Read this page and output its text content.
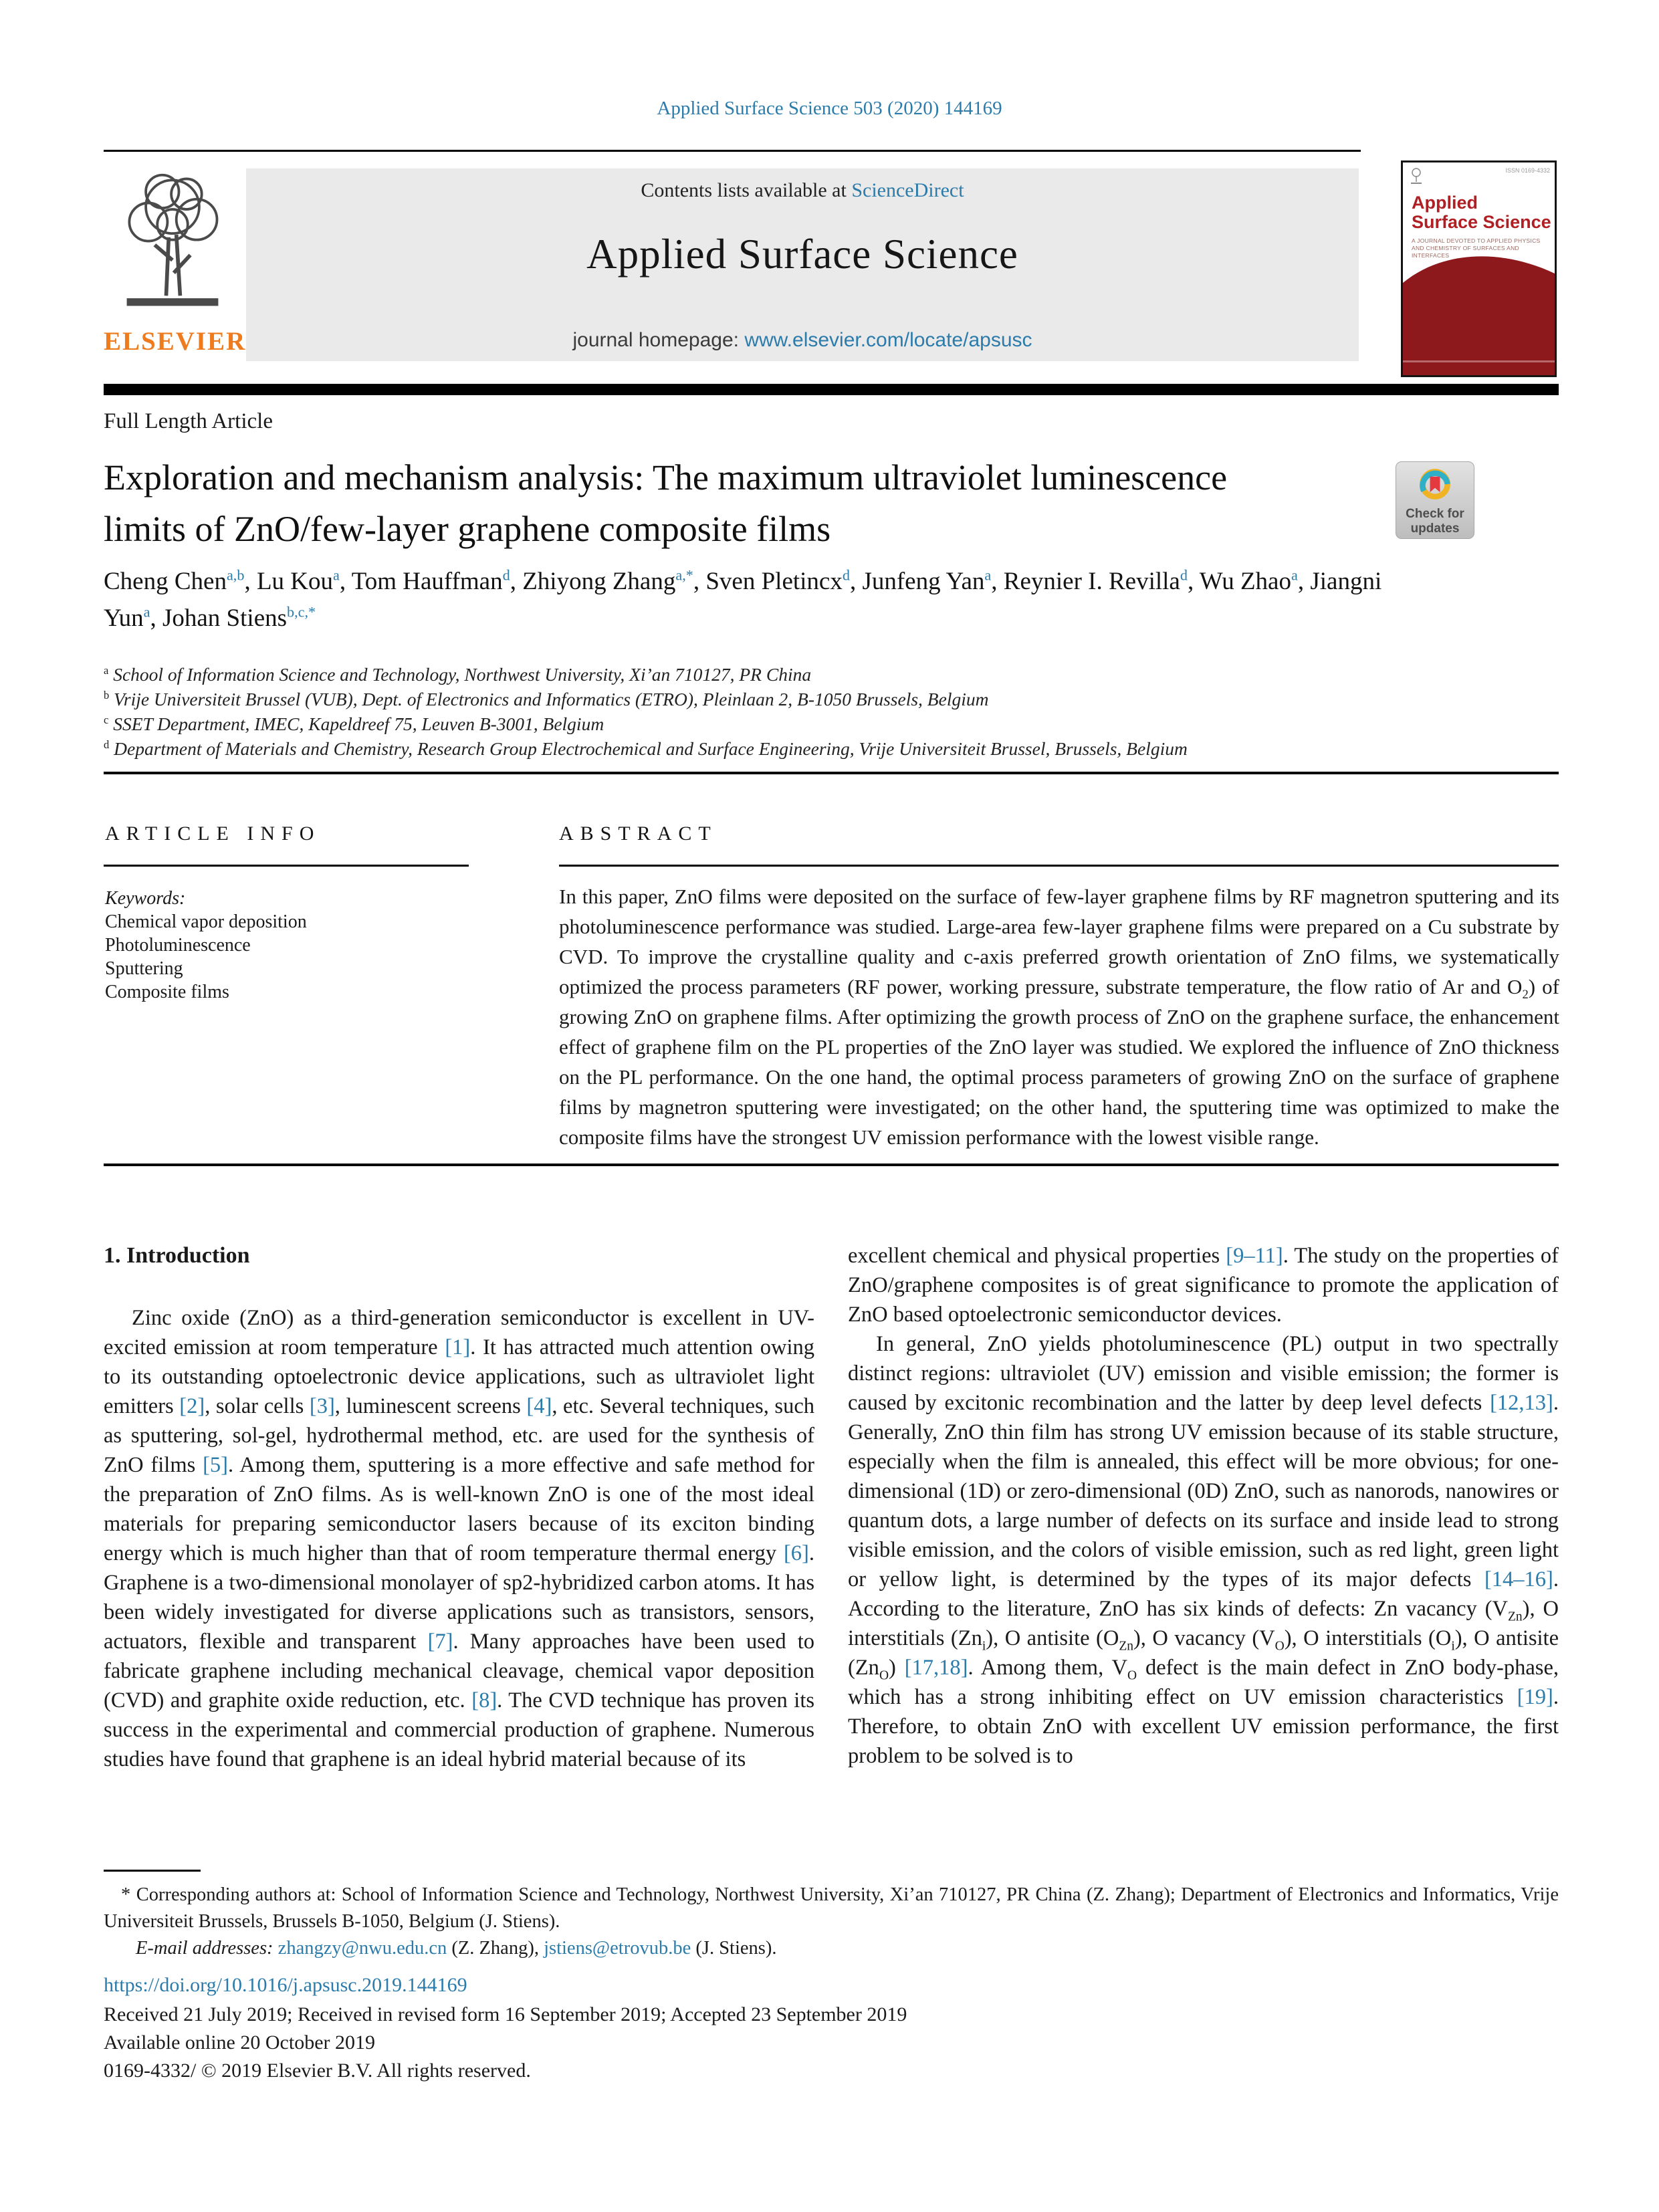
Applied Surface Science 503 (2020) 144169
Contents lists available at ScienceDirect
Applied Surface Science
journal homepage: www.elsevier.com/locate/apsusc
ELSEVIER
ISSN 0169-4332
Applied
Surface Science
A JOURNAL DEVOTED TO APPLIED PHYSICS
AND CHEMISTRY OF SURFACES AND INTERFACES
Full Length Article
Exploration and mechanism analysis: The maximum ultraviolet luminescence limits of ZnO/few-layer graphene composite films	Check for
updates
Cheng Chen$^{a,b}$, Lu Kou$^a$, Tom Hauffman$^d$, Zhiyong Zhang$^{a,*}$, Sven Pletincx$^d$, Junfeng Yan$^a$, Reynier I. Revilla$^d$, Wu Zhao$^a$, Jiangni Yun$^a$, Johan Stiens$^{b,c,*}$
$^a$ School of Information Science and Technology, Northwest University, Xi’an 710127, PR China
$^b$ Vrije Universiteit Brussel (VUB), Dept. of Electronics and Informatics (ETRO), Pleinlaan 2, B-1050 Brussels, Belgium
$^c$ SSET Department, IMEC, Kapeldreef 75, Leuven B-3001, Belgium
$^d$ Department of Materials and Chemistry, Research Group Electrochemical and Surface Engineering, Vrije Universiteit Brussel, Brussels, Belgium
ARTICLE INFO
Keywords:
Chemical vapor deposition
Photoluminescence
Sputtering
Composite films
ABSTRACT
In this paper, ZnO films were deposited on the surface of few-layer graphene films by RF magnetron sputtering and its photoluminescence performance was studied. Large-area few-layer graphene films were prepared on a Cu substrate by CVD. To improve the crystalline quality and c-axis preferred growth orientation of ZnO films, we systematically optimized the process parameters (RF power, working pressure, substrate temperature, the flow ratio of Ar and $O_2$) of growing ZnO on graphene films. After optimizing the growth process of ZnO on the graphene surface, the enhancement effect of graphene film on the PL properties of the ZnO layer was studied. We explored the influence of ZnO thickness on the PL performance. On the one hand, the optimal process parameters of growing ZnO on the surface of graphene films by magnetron sputtering were investigated; on the other hand, the sputtering time was optimized to make the composite films have the strongest UV emission performance with the lowest visible range.
1. Introduction

Zinc oxide (ZnO) as a third-generation semiconductor is excellent in UV-excited emission at room temperature [1]. It has attracted much attention owing to its outstanding optoelectronic device applications, such as ultraviolet light emitters [2], solar cells [3], luminescent screens [4], etc. Several techniques, such as sputtering, sol-gel, hydrothermal method, etc. are used for the synthesis of ZnO films [5]. Among them, sputtering is a more effective and safe method for the preparation of ZnO films. As is well-known ZnO is one of the most ideal materials for preparing semiconductor lasers because of its exciton binding energy which is much higher than that of room temperature thermal energy [6]. Graphene is a two-dimensional monolayer of sp2-hybridized carbon atoms. It has been widely investigated for diverse applications such as transistors, sensors, actuators, flexible and transparent [7]. Many approaches have been used to fabricate graphene including mechanical cleavage, chemical vapor deposition (CVD) and graphite oxide reduction, etc. [8]. The CVD technique has proven its success in the experimental and commercial production of graphene. Numerous studies have found that graphene is an ideal hybrid material because of its

excellent chemical and physical properties [9–11]. The study on the properties of ZnO/graphene composites is of great significance to promote the application of ZnO based optoelectronic semiconductor devices.

In general, ZnO yields photoluminescence (PL) output in two spectrally distinct regions: ultraviolet (UV) emission and visible emission; the former is caused by excitonic recombination and the latter by deep level defects [12,13]. Generally, ZnO thin film has strong UV emission because of its stable structure, especially when the film is annealed, this effect will be more obvious; for one-dimensional (1D) or zero-dimensional (0D) ZnO, such as nanorods, nanowires or quantum dots, a large number of defects on its surface and inside lead to strong visible emission, and the colors of visible emission, such as red light, green light or yellow light, is determined by the types of its major defects [14–16]. According to the literature, ZnO has six kinds of defects: Zn vacancy $(V_{Zn})$, O interstitials $(Zn_i)$, O antisite $(O_{Zn})$, O vacancy $(V_O)$, O interstitials $(O_i)$, O antisite $(Zn_O)$ [17,18]. Among them, $V_O$ defect is the main defect in ZnO body-phase, which has a strong inhibiting effect on UV emission characteristics [19]. Therefore, to obtain ZnO with excellent UV emission performance, the first problem to be solved is to

* Corresponding authors at: School of Information Science and Technology, Northwest University, Xi’an 710127, PR China (Z. Zhang); Department of Electronics and Informatics, Vrije Universiteit Brussels, Brussels B-1050, Belgium (J. Stiens).

E-mail addresses: zhangzy@nwu.edu.cn (Z. Zhang), jstiens@etrovub.be (J. Stiens).

https://doi.org/10.1016/j.apsusc.2019.144169
Received 21 July 2019; Received in revised form 16 September 2019; Accepted 23 September 2019
Available online 20 October 2019
0169-4332/ © 2019 Elsevier B.V. All rights reserved.
